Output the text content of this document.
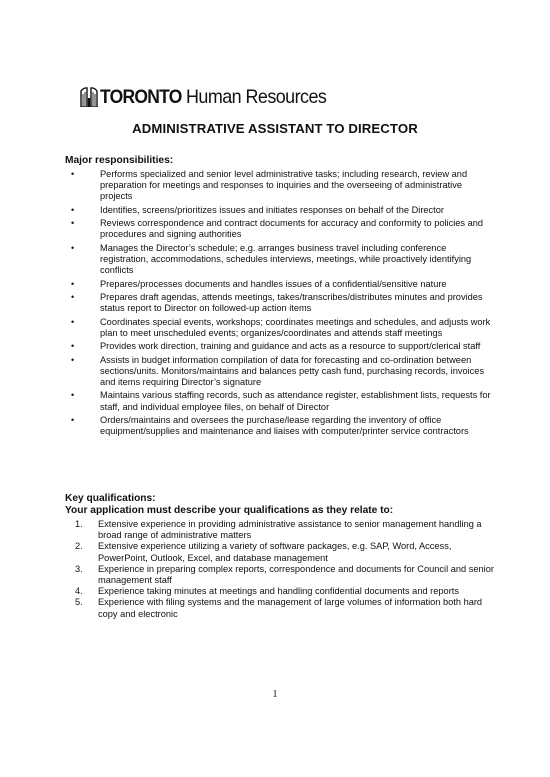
TORONTO Human Resources
ADMINISTRATIVE ASSISTANT TO DIRECTOR
Major responsibilities:
• Performs specialized and senior level administrative tasks; including research, review and preparation for meetings and responses to inquiries and the overseeing of administrative projects
• Identifies, screens/prioritizes issues and initiates responses on behalf of the Director
• Reviews correspondence and contract documents for accuracy and conformity to policies and procedures and signing authorities
• Manages the Director’s schedule; e.g. arranges business travel including conference registration, accommodations, schedules interviews, meetings, while proactively identifying conflicts
• Prepares/processes documents and handles issues of a confidential/sensitive nature
• Prepares draft agendas, attends meetings, takes/transcribes/distributes minutes and provides status report to Director on followed-up action items
• Coordinates special events, workshops; coordinates meetings and schedules, and adjusts work plan to meet unscheduled events; organizes/coordinates and attends staff meetings
• Provides work direction, training and guidance and acts as a resource to support/clerical staff
• Assists in budget information compilation of data for forecasting and co-ordination between sections/units. Monitors/maintains and balances petty cash fund, purchasing records, invoices and items requiring Director’s signature
• Maintains various staffing records, such as attendance register, establishment lists, requests for staff, and individual employee files, on behalf of Director
• Orders/maintains and oversees the purchase/lease regarding the inventory of office equipment/supplies and maintenance and liaises with computer/printer service contractors
Key qualifications:
Your application must describe your qualifications as they relate to:
1. Extensive experience in providing administrative assistance to senior management handling a broad range of administrative matters
2. Extensive experience utilizing a variety of software packages, e.g. SAP, Word, Access, PowerPoint, Outlook, Excel, and database management
3. Experience in preparing complex reports, correspondence and documents for Council and senior management staff
4. Experience taking minutes at meetings and handling confidential documents and reports
5. Experience with filing systems and the management of large volumes of information both hard copy and electronic
1
